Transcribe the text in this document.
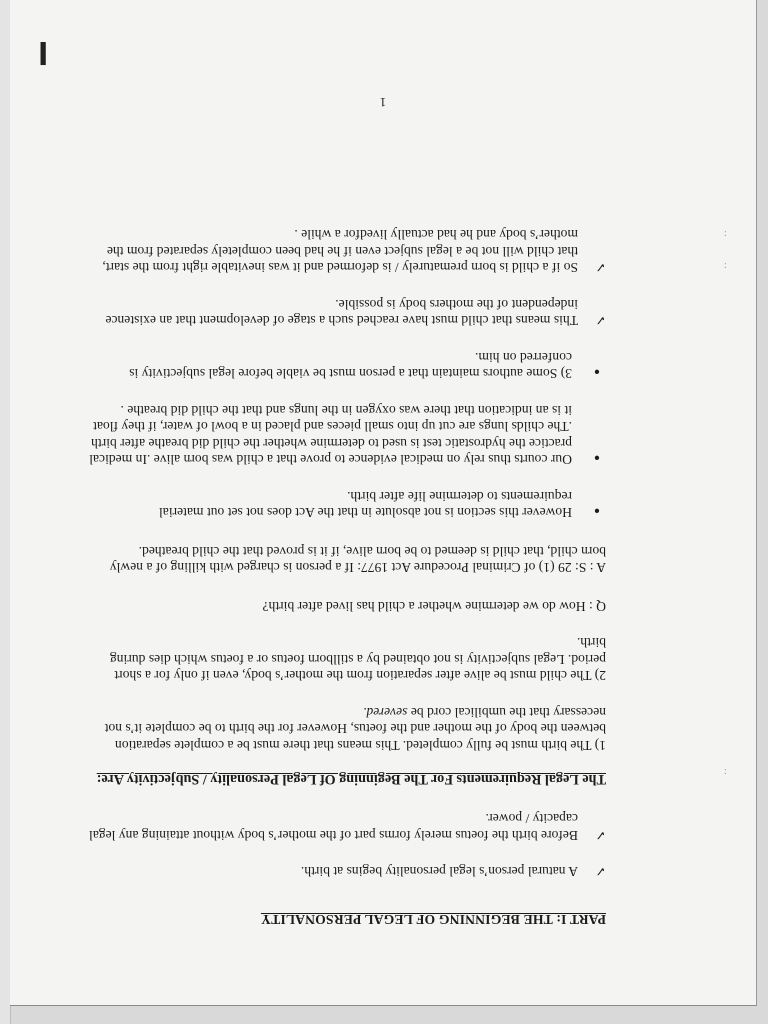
PART I: THE BEGINNING OF LEGAL PERSONALITY
✓
A natural person’s legal personality begins at birth.
✓
Before birth the foetus merely forms part of the mother’s body without attaining any legal capacity / power.
The Legal Requirements For The Beginning Of Legal Personality / Subjectivity Are:
1) The birth must be fully completed. This means that there must be a complete separation between the body of the mother and the foetus, However for the birth to be complete it’s not necessary that the umbilical cord be severed.
2) The child must be alive after separation from the mother’s body, even if only for a short period. Legal subjectivity is not obtained by a stillborn foetus or a foetus which dies during birth.
Q : How do we determine whether a child has lived after birth?
A : S: 29 (1) of Criminal Procedure Act 1977: If a person is charged with killing of a newly born child, that child is deemed to be born alive, if it is proved that the child breathed.
●
However this section is not absolute in that the Act does not set out material requirements to determine life after birth.
●
Our courts thus rely on medical evidence to prove that a child was born alive .In medical practice the hydrostatic test is used to determine whether the child did breathe after birth .The childs lungs are cut up into small pieces and placed in a bowl of water, if they float it is an indication that there was oxygen in the lungs and that the child did breathe .
●
3) Some authors maintain that a person must be viable before legal subjectivity is conferred on him.
✓
This means that child must have reached such a stage of development that an existence independent of the mothers body is possible.
✓
So if a child is born prematurely / is deformed and it was inevitable right from the start, that child will not be a legal subject even if he had been completely separated from the mother’s body and he had actually livedfor a while .
1
:
:
:
l
